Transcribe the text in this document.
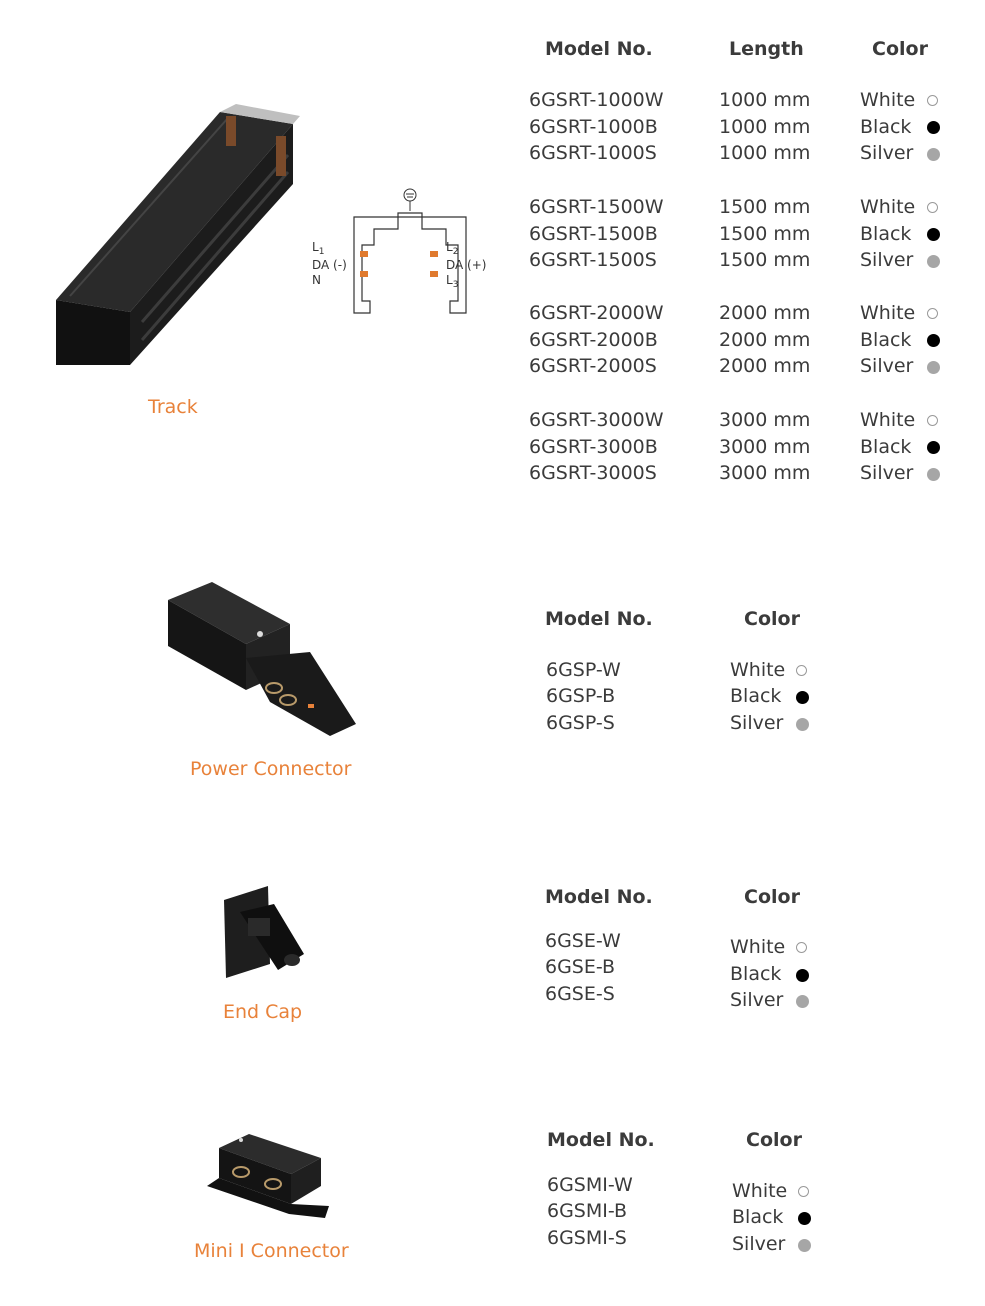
$L_1$
DA (-)
N
$L_2$
DA (+)
$L_3$
Track
Model No.	Length	Color
6GSRT-1000W	1000 mm	White
6GSRT-1000B	1000 mm	Black
6GSRT-1000S	1000 mm	Silver
6GSRT-1500W	1500 mm	White
6GSRT-1500B	1500 mm	Black
6GSRT-1500S	1500 mm	Silver
6GSRT-2000W	2000 mm	White
6GSRT-2000B	2000 mm	Black
6GSRT-2000S	2000 mm	Silver
6GSRT-3000W	3000 mm	White
6GSRT-3000B	3000 mm	Black
6GSRT-3000S	3000 mm	Silver
Power Connector
Model No.	Color
6GSP-W	White
6GSP-B	Black
6GSP-S	Silver
End Cap
Model No.	Color
6GSE-W	White
6GSE-B	Black
6GSE-S	Silver
Mini I Connector
Model No.	Color
6GSMI-W	White
6GSMI-B	Black
6GSMI-S	Silver
